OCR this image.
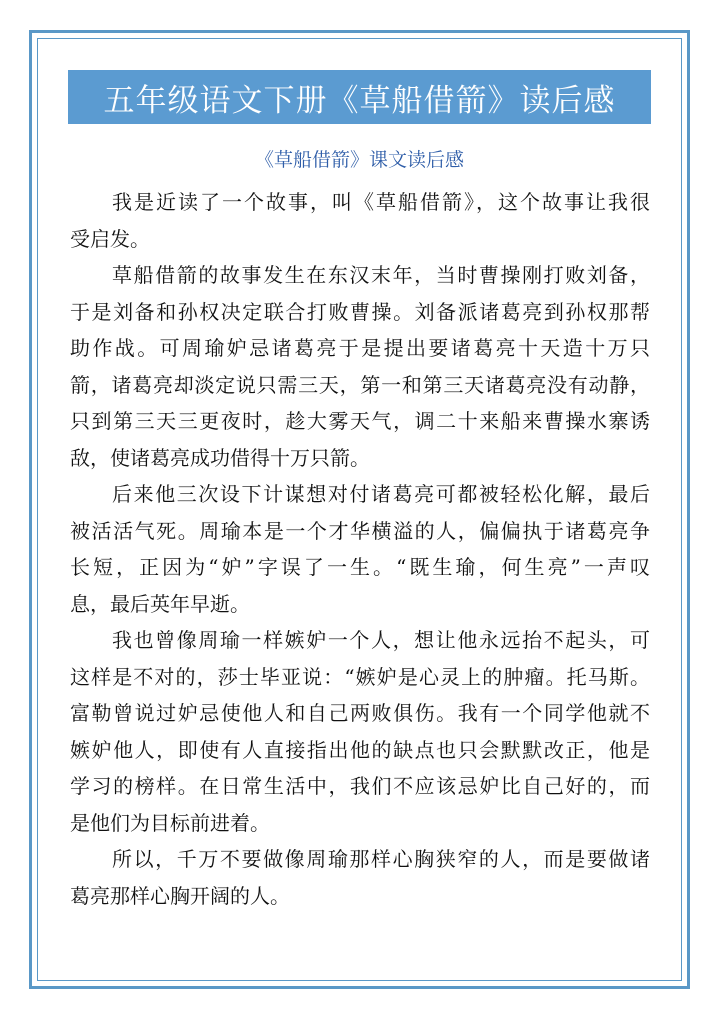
五年级语文下册《草船借箭》读后感
《草船借箭》课文读后感

我是近读了一个故事，叫《草船借箭》，这个故事让我很
受启发。

草船借箭的故事发生在东汉末年，当时曹操刚打败刘备，
于是刘备和孙权决定联合打败曹操。刘备派诸葛亮到孙权那帮
助作战。可周瑜妒忌诸葛亮于是提出要诸葛亮十天造十万只
箭，诸葛亮却淡定说只需三天，第一和第三天诸葛亮没有动静，
只到第三天三更夜时，趁大雾天气，调二十来船来曹操水寨诱
敌，使诸葛亮成功借得十万只箭。

后来他三次设下计谋想对付诸葛亮可都被轻松化解，最后
被活活气死。周瑜本是一个才华横溢的人，偏偏执于诸葛亮争
长短，正因为“妒”字误了一生。“既生瑜，何生亮”一声叹
息，最后英年早逝。

我也曾像周瑜一样嫉妒一个人，想让他永远抬不起头，可
这样是不对的，莎士毕亚说：“嫉妒是心灵上的肿瘤。托马斯。
富勒曾说过妒忌使他人和自己两败俱伤。我有一个同学他就不
嫉妒他人，即使有人直接指出他的缺点也只会默默改正，他是
学习的榜样。在日常生活中，我们不应该忌妒比自己好的，而
是他们为目标前进着。

所以，千万不要做像周瑜那样心胸狭窄的人，而是要做诸
葛亮那样心胸开阔的人。
